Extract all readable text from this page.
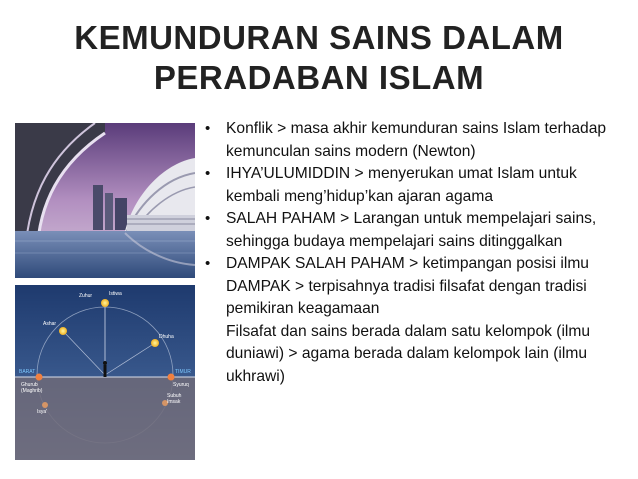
KEMUNDURAN SAINS DALAM
PERADABAN ISLAM
Zuhur	Istiwa
Ashar
Dhuha
BARAT	TIMUR
Ghurub
(Maghrib)
Syuruq
Isya'
Subuh
Imsak
• Konflik > masa akhir kemunduran sains Islam terhadap kemunculan sains modern (Newton)
• IHYA’ULUMIDDIN > menyerukan umat Islam untuk kembali meng’hidup’kan ajaran agama
• SALAH PAHAM > Larangan untuk mempelajari sains, sehingga budaya mempelajari sains ditinggalkan
• DAMPAK SALAH PAHAM > ketimpangan posisi ilmu
DAMPAK > terpisahnya tradisi filsafat dengan tradisi pemikiran keagamaan
Filsafat dan sains berada dalam satu kelompok (ilmu duniawi) > agama berada dalam kelompok lain (ilmu ukhrawi)
